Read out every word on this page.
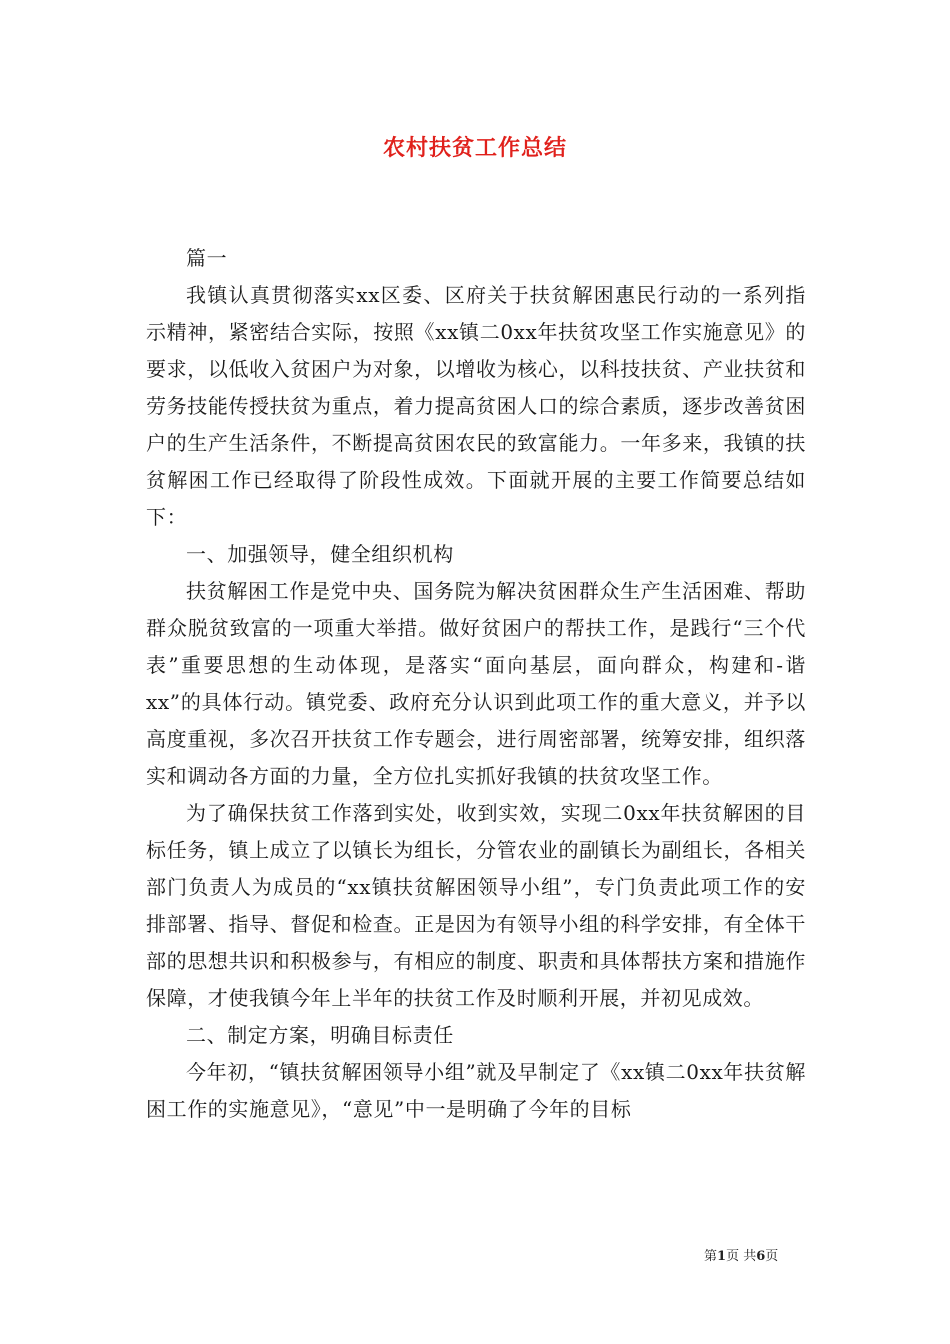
农村扶贫工作总结

篇一

我镇认真贯彻落实xx区委、区府关于扶贫解困惠民行动的一系列指示精神，紧密结合实际，按照《xx镇二0xx年扶贫攻坚工作实施意见》的要求，以低收入贫困户为对象，以增收为核心，以科技扶贫、产业扶贫和劳务技能传授扶贫为重点，着力提高贫困人口的综合素质，逐步改善贫困户的生产生活条件，不断提高贫困农民的致富能力。一年多来，我镇的扶贫解困工作已经取得了阶段性成效。下面就开展的主要工作简要总结如下：

一、加强领导，健全组织机构

扶贫解困工作是党中央、国务院为解决贫困群众生产生活困难、帮助群众脱贫致富的一项重大举措。做好贫困户的帮扶工作，是践行“三个代表”重要思想的生动体现，是落实“面向基层，面向群众，构建和-谐xx”的具体行动。镇党委、政府充分认识到此项工作的重大意义，并予以高度重视，多次召开扶贫工作专题会，进行周密部署，统筹安排，组织落实和调动各方面的力量，全方位扎实抓好我镇的扶贫攻坚工作。

为了确保扶贫工作落到实处，收到实效，实现二0xx年扶贫解困的目标任务，镇上成立了以镇长为组长，分管农业的副镇长为副组长，各相关部门负责人为成员的“xx镇扶贫解困领导小组”，专门负责此项工作的安排部署、指导、督促和检查。正是因为有领导小组的科学安排，有全体干部的思想共识和积极参与，有相应的制度、职责和具体帮扶方案和措施作保障，才使我镇今年上半年的扶贫工作及时顺利开展，并初见成效。

二、制定方案，明确目标责任

今年初，“镇扶贫解困领导小组”就及早制定了《xx镇二0xx年扶贫解困工作的实施意见》，“意见”中一是明确了今年的目标

第1页 共6页
